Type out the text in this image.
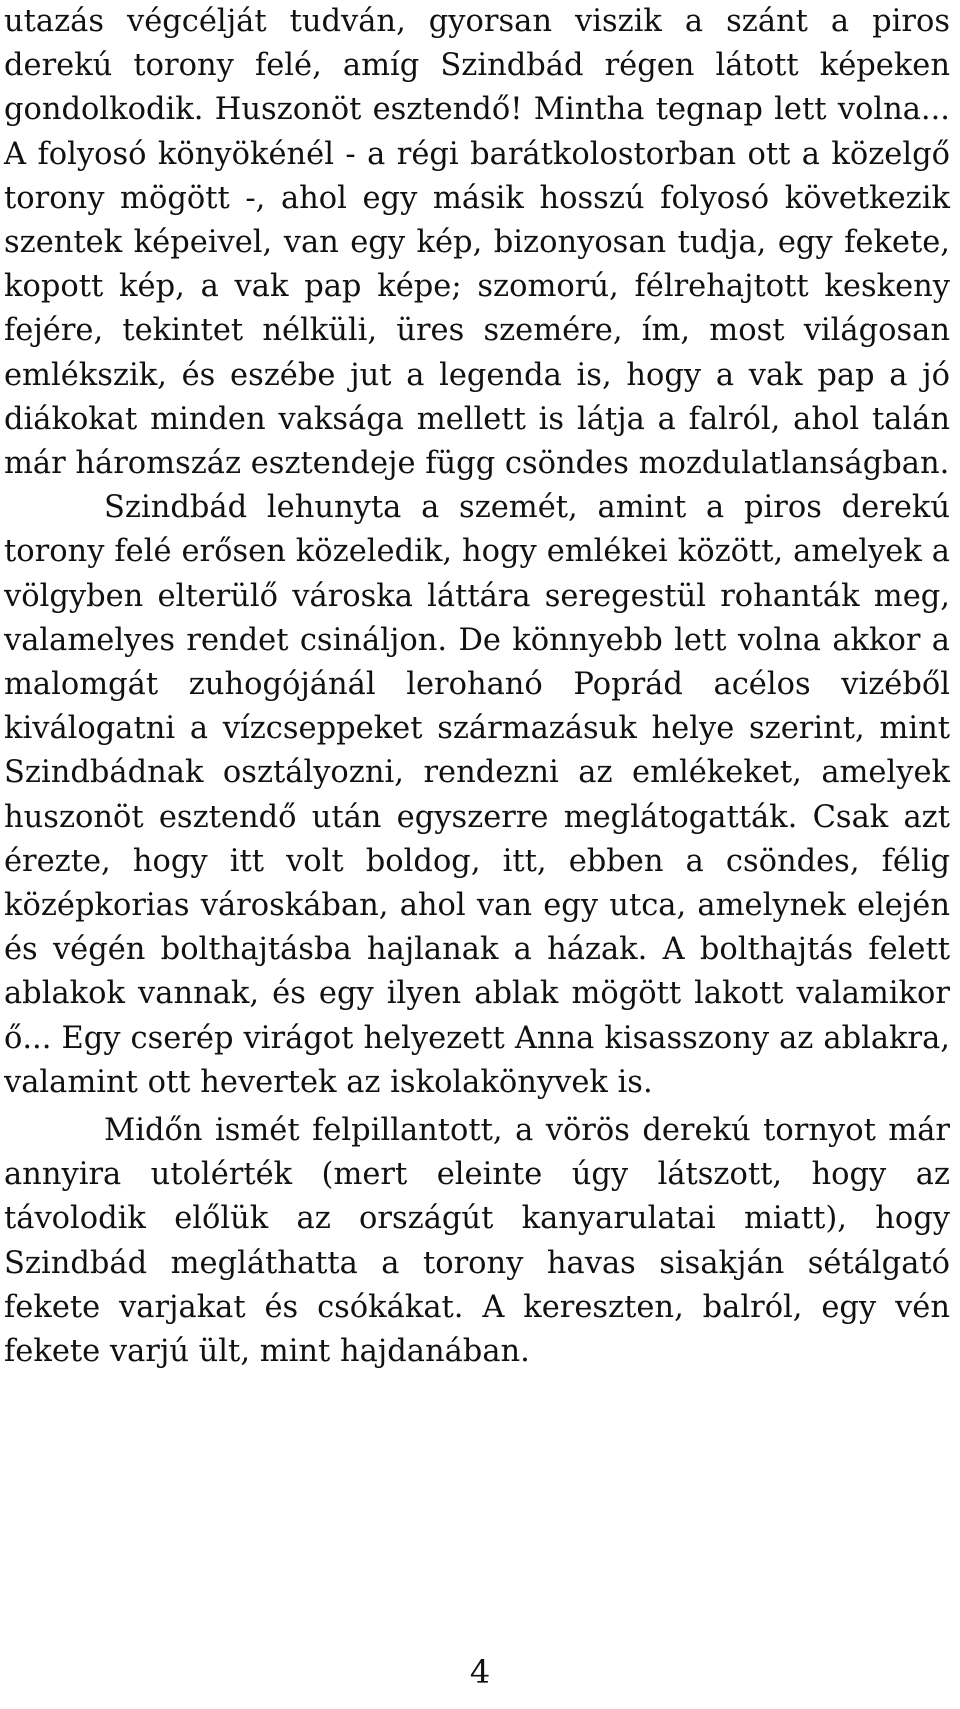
utazás végcélját tudván, gyorsan viszik a szánt a piros derekú torony felé, amíg Szindbád régen látott képeken gondolkodik. Huszonöt esztendő! Mintha tegnap lett volna... A folyosó könyökénél - a régi barátkolostorban ott a közelgő torony mögött -, ahol egy másik hosszú folyosó következik szentek képeivel, van egy kép, bizonyosan tudja, egy fekete, kopott kép, a vak pap képe; szomorú, félrehajtott keskeny fejére, tekintet nélküli, üres szemére, ím, most világosan emlékszik, és eszébe jut a legenda is, hogy a vak pap a jó diákokat minden vaksága mellett is látja a falról, ahol talán már háromszáz esztendeje függ csöndes mozdulatlanságban.

Szindbád lehunyta a szemét, amint a piros derekú torony felé erősen közeledik, hogy emlékei között, amelyek a völgyben elterülő városka láttára seregestül rohanták meg, valamelyes rendet csináljon. De könnyebb lett volna akkor a malomgát zuhogójánál lerohanó Poprád acélos vizéből kiválogatni a vízcseppeket származásuk helye szerint, mint Szindbádnak osztályozni, rendezni az emlékeket, amelyek huszonöt esztendő után egyszerre meglátogatták. Csak azt érezte, hogy itt volt boldog, itt, ebben a csöndes, félig középkorias városkában, ahol van egy utca, amelynek elején és végén bolthajtásba hajlanak a házak. A bolthajtás felett ablakok vannak, és egy ilyen ablak mögött lakott valamikor ő... Egy cserép virágot helyezett Anna kisasszony az ablakra, valamint ott hevertek az iskolakönyvek is.

Midőn ismét felpillantott, a vörös derekú tornyot már annyira utolérték (mert eleinte úgy látszott, hogy az távolodik előlük az országút kanyarulatai miatt), hogy Szindbád megláthatta a torony havas sisakján sétálgató fekete varjakat és csókákat. A kereszten, balról, egy vén fekete varjú ült, mint hajdanában.

4
